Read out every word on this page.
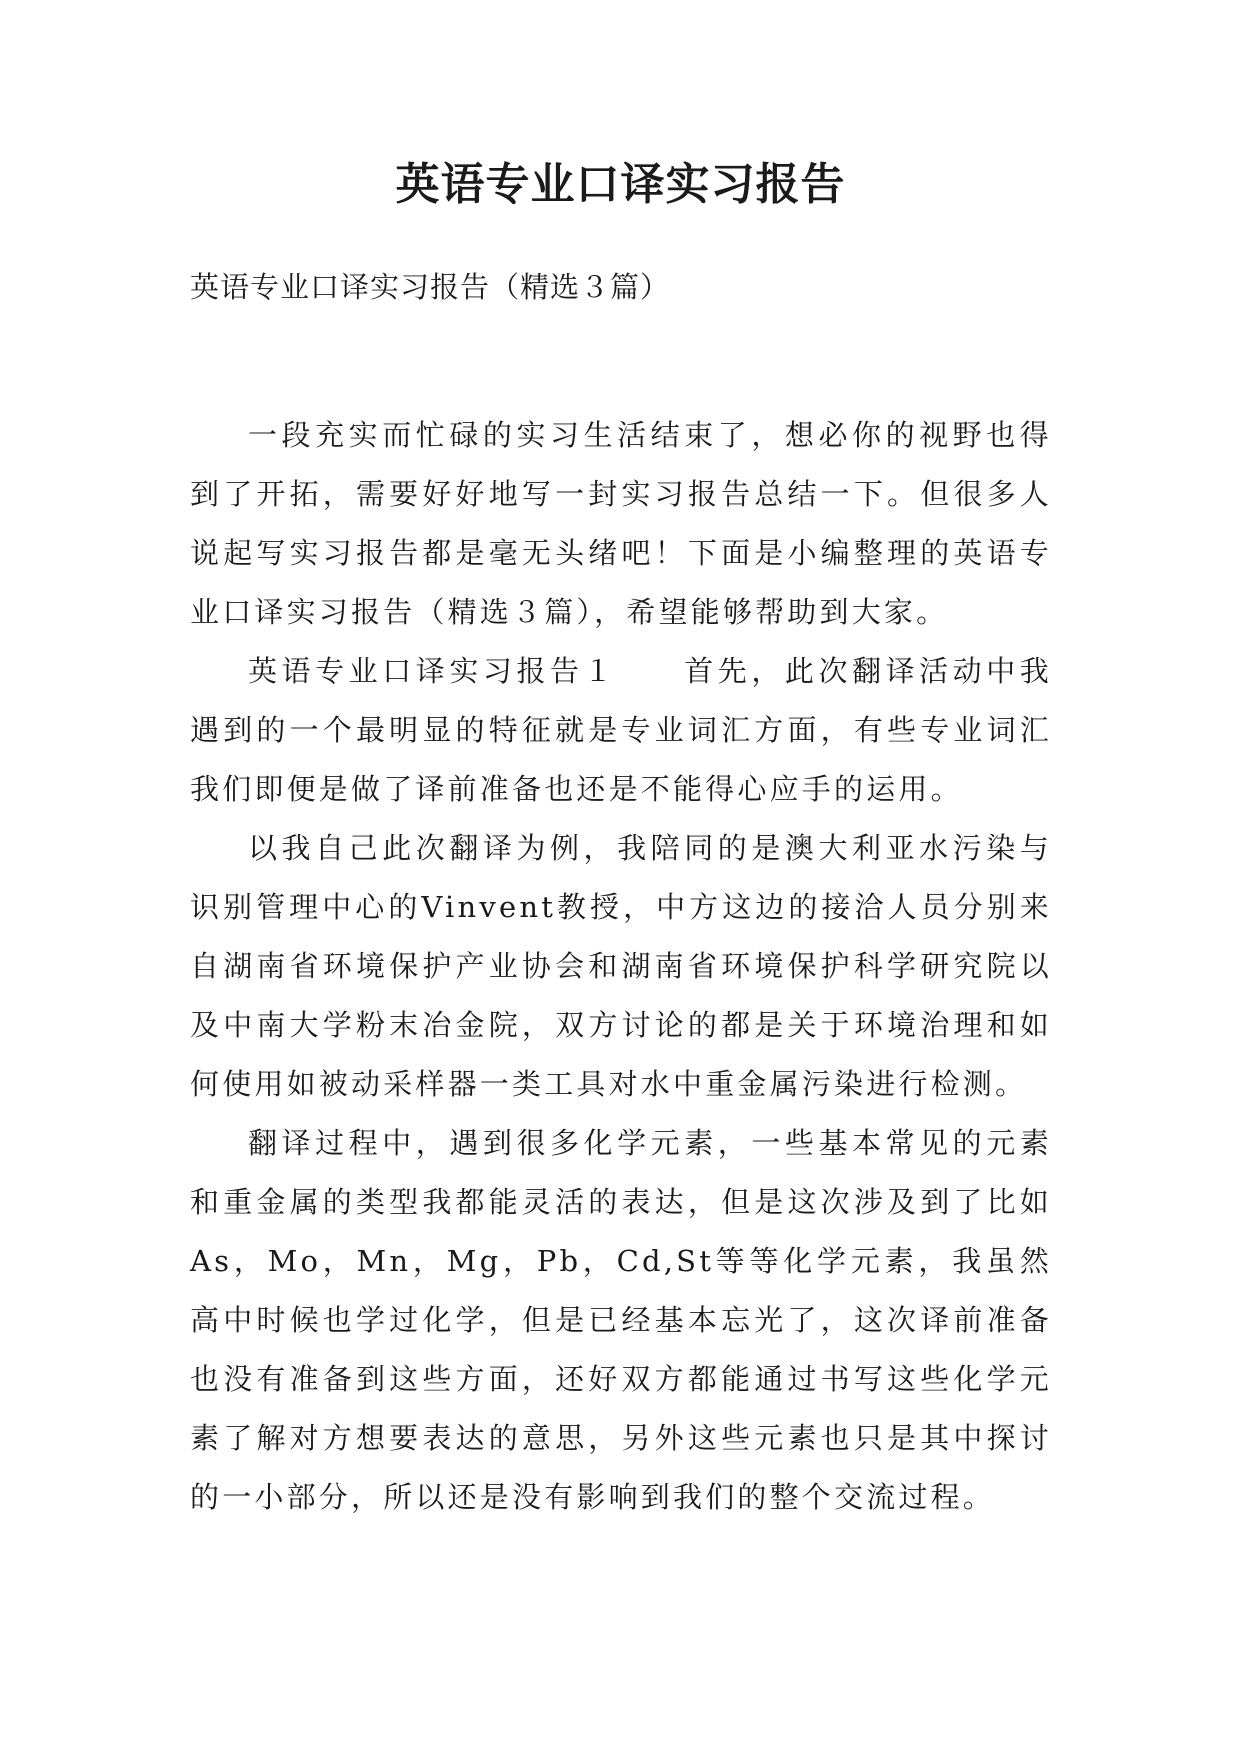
英语专业口译实习报告

英语专业口译实习报告（精选３篇）

一段充实而忙碌的实习生活结束了，想必你的视野也得到了开拓，需要好好地写一封实习报告总结一下。但很多人说起写实习报告都是毫无头绪吧！下面是小编整理的英语专业口译实习报告（精选３篇），希望能够帮助到大家。

英语专业口译实习报告１　　首先，此次翻译活动中我遇到的一个最明显的特征就是专业词汇方面，有些专业词汇我们即便是做了译前准备也还是不能得心应手的运用。

以我自己此次翻译为例，我陪同的是澳大利亚水污染与识别管理中心的Vinvent教授，中方这边的接洽人员分别来自湖南省环境保护产业协会和湖南省环境保护科学研究院以及中南大学粉末冶金院，双方讨论的都是关于环境治理和如何使用如被动采样器一类工具对水中重金属污染进行检测。

翻译过程中，遇到很多化学元素，一些基本常见的元素和重金属的类型我都能灵活的表达，但是这次涉及到了比如As，Mo，Mn，Mg，Pb，Cd,St等等化学元素，我虽然高中时候也学过化学，但是已经基本忘光了，这次译前准备也没有准备到这些方面，还好双方都能通过书写这些化学元素了解对方想要表达的意思，另外这些元素也只是其中探讨的一小部分，所以还是没有影响到我们的整个交流过程。
